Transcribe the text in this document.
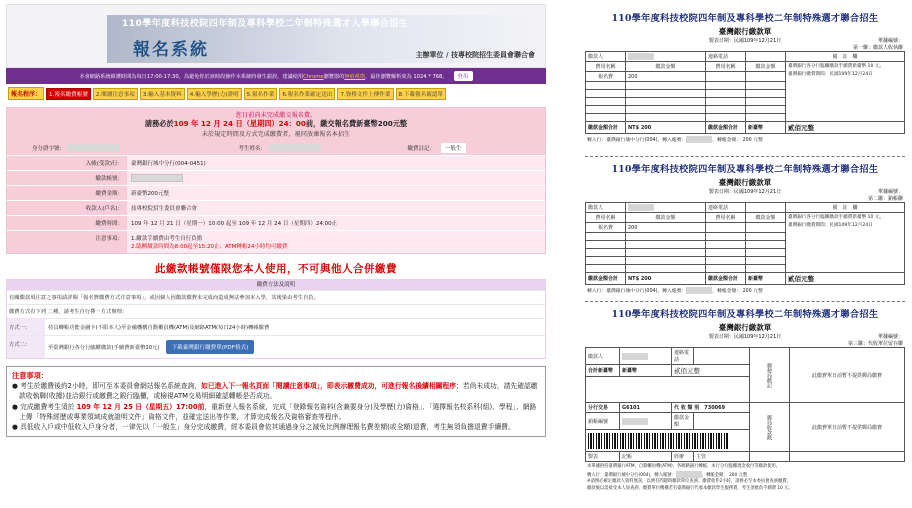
110學年度科技校院四年制及專科學校二年制特殊選才入學聯合招生
報名系統	主辦單位 / 技專校院招生委員會聯合會
本會網路系統維護時間為每日17:00-17:30，為避免你於該時段操作本系統時發生錯誤，建議使用Chrome瀏覽器的無痕視窗，最佳瀏覽解析度為 1024 * 768。	登出
報名程序：	1.報名繳費帳號	2.閱讀注意事項	3.輸入基本資料	4.輸入學歷(力)證明	5.報名作業	6.報名作業確定送出	7.資格文件上傳作業	8.下載報名確認單
您目前尚未完成繳交報名費。
請務必於109 年 12 月 24 日（星期四）24：00前，繳交報名費新臺幣200元整
未於規定時間及方式完成繳費者，視同放棄報名本招生
身分證字號：	考生姓名：	繳費註記：	一般生
入帳(受款)行：	臺灣銀行城中分行(004-0451)
繳款帳號：
繳費金額：	新臺幣200元整
收款人(戶名)：	技專校院招生委員會聯合會
繳費時間：	109 年 12 月 21 日（星期一）10:00 起至 109 年 12 月 24 日（星期四）24:00止
注意事項：	1.繳款手續費由考生自行負擔
2.臨櫃繳款時間為8:00起至15:20止、ATM轉帳24小時均可繳費
此繳款帳號僅限您本人使用，不可與他人合併繳費
繳費方法及說明
有關繳款須注意之事項請詳閱「報名費繳費方式注意事項」，或因個人因繳款繳費未完成而造成無法參加本入學，其後果由考生自負。
繳費方式有下列 二種，請考生自行擇一方式辦理：
方式一：	持具轉帳功能金融卡(不限本人)至金融機構自動櫃員機(ATM)及網路ATM(每日24小時)轉帳繳費
方式二：	至臺灣銀行各分行臨櫃繳款(手續費新臺幣10元)	下載臺灣銀行繳費單(PDF格式)
注意事項：

● 考生於繳費後約2小時，即可至本委員會網站報名系統查詢，如已進入下一報名頁面「閱讀注意事項」，即表示繳費成功，可進行報名後續相關程序；若尚未成功，請先確認繳款收執聯(收據)並洽銀行或繳費之銀行臨櫃，或檢視ATM交易明細確認轉帳是否成功。

● 完成繳費考生須於 109 年 12 月 25 日（星期五）17:00前，重新登入報名系統，完成「登錄報名資料(含兼要身分)及學歷(力)資格」、「選擇報名校系科(組)、學程」、網路上傳「特殊經歷或專業領域成就證明文件」資格文件，並確定送出等作業，才算完成報名及資格審查等程序。

● 具低收入戶或中低收入戶身分者，一律先以「一般生」身分完成繳費，經本委員會依其通過身分之減免比例辦理報名費差額(或全額)退費，考生無須負擔退費手續費。

110學年度科技校院四年制及專科學校二年制特殊選才聯合招生
臺灣銀行繳款單
製表日期：民國109年12月21日	單據編號：
第一聯：繳款人收執聯
繳款人		連絡電話		備　註　欄
費用名稱	繳款金額	費用名稱	繳款金額	臺灣銀行各分行臨櫃繳款手續費新臺幣 10 元。
臺灣銀行繳費期間：民國109年12月24日

報名費	200			

繳款金額合計	NT$ 200	繳款金額合計	新臺幣	貳佰元整
轉入行：臺灣銀行城中分行(004)，轉入帳號：	，轉帳金額： 200 元整
110學年度科技校院四年制及專科學校二年制特殊選才聯合招生
臺灣銀行繳款單
製表日期：民國109年12月21日	單據編號：
第二聯：銷帳聯
繳款人		連絡電話		備　註　欄
費用名稱	繳款金額	費用名稱	繳款金額	臺灣銀行各分行臨櫃繳款手續費新臺幣 10 元。
臺灣銀行繳費期間：民國109年12月24日

報名費	200			

繳款金額合計	NT$ 200	繳款金額合計	新臺幣	貳佰元整
轉入行：臺灣銀行城中分行(004)，轉入帳號：	，轉帳金額： 200 元整
110學年度科技校院四年制及專科學校二年制特殊選才聯合招生
臺灣銀行繳款單
製表日期：民國109年12月21日	單據編號：
第三聯：代收單位留存聯
繳款人		連絡電話		郵便局戳記	此繳費單日前暫不提供郵局繳費
合計新臺幣	新臺幣	貳佰元整			

分行交易	G6101	代 收 類 別　 730069		郵局收款戳	此繳費單日前暫不提供郵局繳費
銷帳編號		繳款金額			

製表	記帳	經辦	主管		
本單據供持臺灣銀行ATM、自動櫃員機(ATM)、各網路銀行轉帳、本行分行臨櫃現金收付等繳款使用。
轉入行：臺灣銀行城中分行(004)，轉入帳號：	，轉帳金額： 200 元整
※請務必確定繳款人資料無誤，以便有問題時繳款單位查詢。繳費收件2小時，請務必至本委員會查詢繳費。
繳款後以需接受本人加查詢，繳費單位機構若有臺灣銀行代收本繳款學生服務費，考生須擔負手續費 10 元。
